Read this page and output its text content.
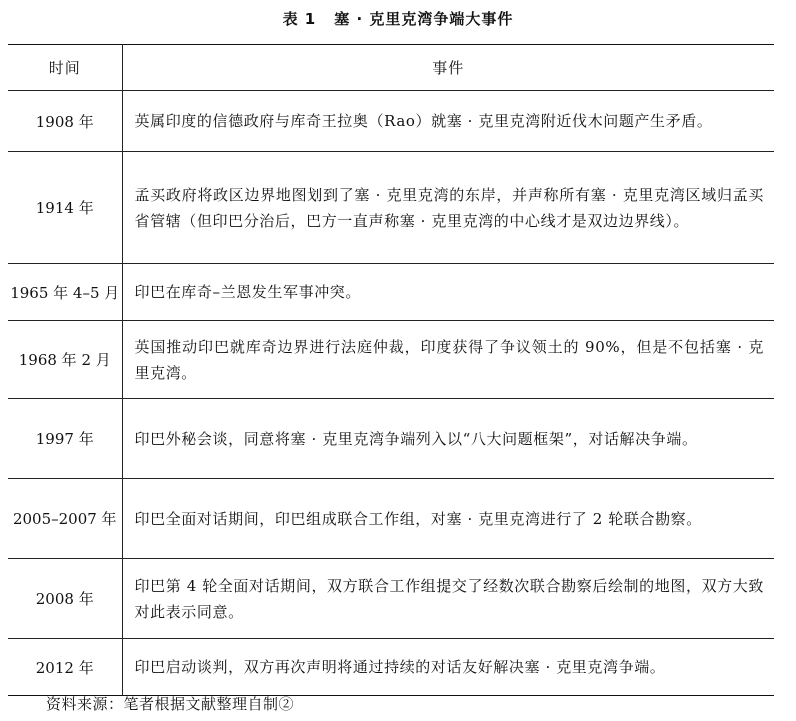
表 1 塞 · 克里克湾争端大事件
时间	事件
1908 年	英属印度的信德政府与库奇王拉奥（Rao）就塞 · 克里克湾附近伐木问题产生矛盾。
1914 年	孟买政府将政区边界地图划到了塞 · 克里克湾的东岸，并声称所有塞 · 克里克湾区域归孟买省管辖（但印巴分治后，巴方一直声称塞 · 克里克湾的中心线才是双边边界线）。
1965 年 4–5 月	印巴在库奇–兰恩发生军事冲突。
1968 年 2 月	英国推动印巴就库奇边界进行法庭仲裁，印度获得了争议领土的 90%，但是不包括塞 · 克里克湾。
1997 年	印巴外秘会谈，同意将塞 · 克里克湾争端列入以“八大问题框架”，对话解决争端。
2005–2007 年	印巴全面对话期间，印巴组成联合工作组，对塞 · 克里克湾进行了 2 轮联合勘察。
2008 年	印巴第 4 轮全面对话期间，双方联合工作组提交了经数次联合勘察后绘制的地图，双方大致对此表示同意。
2012 年	印巴启动谈判，双方再次声明将通过持续的对话友好解决塞 · 克里克湾争端。
资料来源：笔者根据文献整理自制②
